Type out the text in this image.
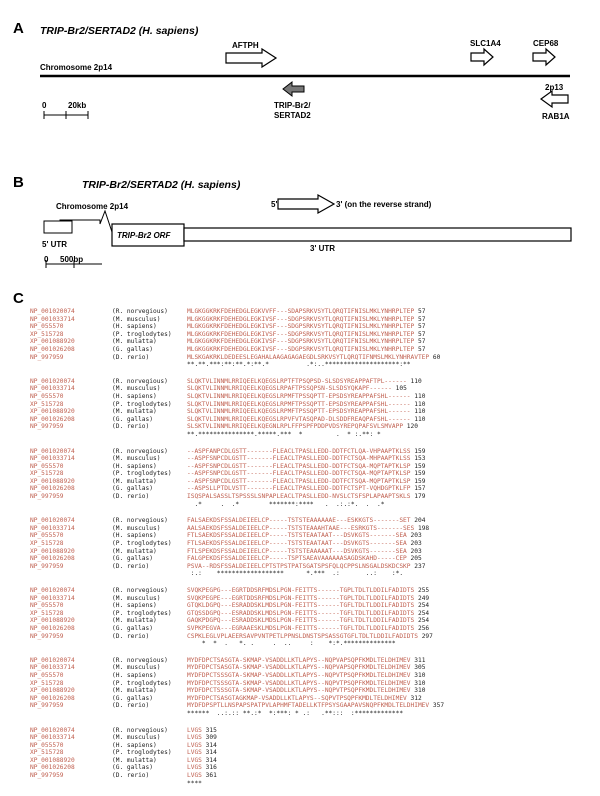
A TRIP-Br2/SERTAD2 (H. sapiens)
Chromosome 2p14
2p13
AFTPH	SLC1A4	CEP68
RAB1A
TRIP-Br2/
SERTAD2
0	20kb
Chromosome 2p14	5'	3' (on the reverse strand)
5' UTR
TRIP-Br2 ORF
3' UTR
0 500bp
B	TRIP-Br2/SERTAD2 (H. sapiens)
C
NP_001020074	(R. norvegious)	MLGKGGKRKFDEHEDGLEGKVVFF---SDAPSRKVSYTLQRQTIFNISLMKLYNHRPLTEP 57
NP_001033714	(M. musculus)	MLGKGGKRKFDEHEDGLEGKIVSF---SDGPSRKVSYTLQRQTIFNISLMKLYNHRPLTEP 57
NP_055570	(H. sapiens)	MLGKGGKRKFDEHEDGLEGKIVSF---SDGPSRKVSYTLQRQTIFNISLMKLYNHRPLTEP 57
XP_515728	(P. troglodytes) MLGKGGKRKFDEHEDGLEGKIVSF---SDGPSRKVSYTLQRQTIFNISLMKLYNHRPLTEP 57
XP_001088920	(M. mulatta)	MLGKGGKRKFDEHEDGLEGKIVSF---SDGPSRKVSYTLQRQTIFNISLMKLYNHRPLTEP 57
NP_001026208	(G. gallas)	MLGKGGKRKFDEHEDGLEGKIVSF---SDGPSRKVSYTLQRQTIFNISLMKLYNHRPLTEP 57
NP_997959	(D. rerio)	MLSKGAKRKLDEDEESLEGAHALAAGAGAGAEGDLSRKVSYTLQRQTIFNMSLMKLYNHRAVTEP 60
**.**.***:**:**.*:**.*          .*:..********************:**
NP_001020074	(R. norvegious)	SLQKTVLINNMLRRIQEELKQEGSLRPTFTPSQPSD-SLSDSYREAPPAFTPL------ 110
NP_001033714	(M. musculus)	SLQKTVLINNMLRRIQEELKQEGSLRPAFTPSSQPSN-SLSDSYQKAPF------ 105
NP_055570	(H. sapiens)	SLQKTVLINNMLRRIQEELKQEGSLRPMFTPSSQPTT-EPSDSYREAPPAFSHL------ 110
XP_515728	(P. troglodytes) SLQKTVLINNMLRRIQEELKQEGSLRPMFTPSSQPTT-EPSDSYREAPPAFSHL------ 110
XP_001088920	(M. mulatta)	SLQKTVLINNMLRRIQEELKQEGSLRPMFTPSSQPTT-EPSDSYREAPPAFSHL------ 110
NP_001026208	(G. gallas)	SLQKTVLINNMLRRIQEELKQEGSLRPVFVTASQPAD-DLSDDFREAQPAFSHL------ 110
NP_997959	(D. rerio)	SLSKTVLINNMLRRIQEELKQEGNLRPLFFPSPFPDDPVDSYREPQPAFSVLSMVAPP 120
**.***************.*****.***  *         .  * :.**: *
NP_001020074	(R. norvegious)	--ASPFANPCDLGSTT-------FLEACLTPASLLEDD-DDTFCTLQA-VHPAAPTKLSS 159
NP_001033714	(M. musculus)	--ASPFSNPCDLGSTT-------FLEACLTPASLLEDD-DDTFCTSQA-MHPAAPTKLSS 153
NP_055570	(H. sapiens)	--ASPFSNPCDLGSTT-------FLEACLTPASLLEDD-DDTFCTSQA-MQPTAPTKLSP 159
XP_515728	(P. troglodytes) --ASPFSNPCDLGSTT-------FLEACLTPASLLEDD-DDTFCTSQA-MQPTAPTKLSP 159
XP_001088920	(M. mulatta)	--ASPFSNPCDLGSTT-------FLEACLTPASLLEDD-DDTFCTSQA-MQPTAPTKLSP 159
NP_001026208	(G. gallas)	--ASPSLLPTDLVSTT-------FLEACLTPASLLEDD-DDTFCTSPT-VQHDGPTKLFP 157
NP_997959	(D. rerio)	ISQSPALSASSLTSPSSSLSNPAPLEACLTPASLLEDD-NVSLCTSFSPLAPAAPTSKLS 179
.*     .  .*        *******:****   .  .:.:*.  .  .*
NP_001020074	(R. norvegious)	FALSAEKDSFSSALDEIEELCP-----TSTSTEAAAAAAE---ESKKGTS-------SET 204
NP_001033714	(M. musculus)	AALSAEKDSFSSALDEIEELCP-----TSTSTEAAAHTAAE---ESRKGTS-------SES 198
NP_055570	(H. sapiens)	FTLSAEKDSFSSALDEIEELCP-----TSTSTEAATAAT---DSVKGTS-------SEA 203
XP_515728	(P. troglodytes) FTLSAEKDSFSSALDEIEELCP-----TSTSTEAATAAT---DSVKGTS-------SEA 203
XP_001088920	(M. mulatta)	FTLSPEKDSFSSALDEIEELCP-----TSTSTEAAAAAT---DSVKGTS-------SEA 203
NP_001026208	(G. gallas)	FALGPEKDSFSSALDEIEELCP-----TSPTSAEAVAAAAAASAGDSKAHD-----CEP 205
NP_997959	(D. rerio)	PSVA--RDSFSSALDEIEELCPTSTPSTPATSGATSPSFQLQCPPSLNSGALDSKDCSKP 237
:.:    ******************      *.***  .:       ..:    :*.
NP_001020074	(R. norvegious)	SVQKPEGPG---EGRTDDSRFMDSLPGN-FEITTS------TGPLTDLTLDDILFADIDTS 255
NP_001033714	(M. musculus)	SVQKPEGPE---EGRTDDSRFMDSLPGN-FEITTS------TGPLTDLTLDDILFADIDTS 249
NP_055570	(H. sapiens)	GTQKLDGPQ---ESRADDSKLMDSLPGN-FEITTS------TGFLTDLTLDDILFADIDTS 254
XP_515728	(P. troglodytes) GTQSSDGPQ---ESRADDSKLMDSLPGN-FEITTS------TGFLTDLTLDDILFADIDTS 254
XP_001088920	(M. mulatta)	GAQKPDGPQ---ESRADDSKLMDSLPGN-FEITTS------TGFLTDLTLDDILFADIDTS 254
NP_001026208	(G. gallas)	SVPKPEGVA---EGRAAESKLMDSLPGN-FEITTS------TGFLTDLTLDDILFADIDTS 256
NP_997959	(D. rerio)	CSPKLEGLVPLAEERSAVPVNTPETLPPNSLDNSTSPSASSGTGFLTDLTLDDILFADIDTS 297
*  *  .   *. .     .  ..     :    *:*.**************
NP_001020074	(R. norvegious)	MYDFDPCTSASGTA-SKMAP-VSADDLLKTLAPYS--NQPVAPSQPFKMDLTELDHIMEV 311
NP_001033714	(M. musculus)	MYDFDPCTSASGTA-SKMAP-VSADDLLKTLAPYS--NQPVAPSQPFKMDLTELDHIMEV 305
NP_055570	(H. sapiens)	MYDFDPCTSSSGTA-SKMAP-VSADDLLKTLAPYS--NQPVTPSQPFKMDLTELDHIMEV 310
XP_515728	(P. troglodytes) MYDFDPCTSSSGTA-SKMAP-VSADDLLKTLAPYS--NQPVTPSQPFKMDLTELDHIMEV 310
XP_001088920	(M. mulatta)	MYDFDPCTSSSGTA-SKMAP-VSADDLLKTLAPYS--NQPVTPSQPFKMDLTELDHIMEV 310
NP_001026208	(G. gallas)	MYDFDPCTSASGTAGKMAP-VSADDLLKTLAPYS--SQPVTPSQPFKMDLTELDHIMEV 312
NP_997959	(D. rerio)	MYDFDPSPTLLNSPAPSPATPVLAPHMFTADELLKTFPSYSGAAPAVSNQPFKMDLTELDHIMEV 357
******  ..:.:: **.:*  *:***: * .:   .**:::  :*************
NP_001020074	(R. norvegious)	LVGS 315
NP_001033714	(M. musculus)	LVGS 309
NP_055570	(H. sapiens)	LVGS 314
XP_515728	(P. troglodytes) LVGS 314
XP_001088920	(M. mulatta)	LVGS 314
NP_001026208	(G. gallas)	LVGS 316
NP_997959	(D. rerio)	LVGS 361
****
